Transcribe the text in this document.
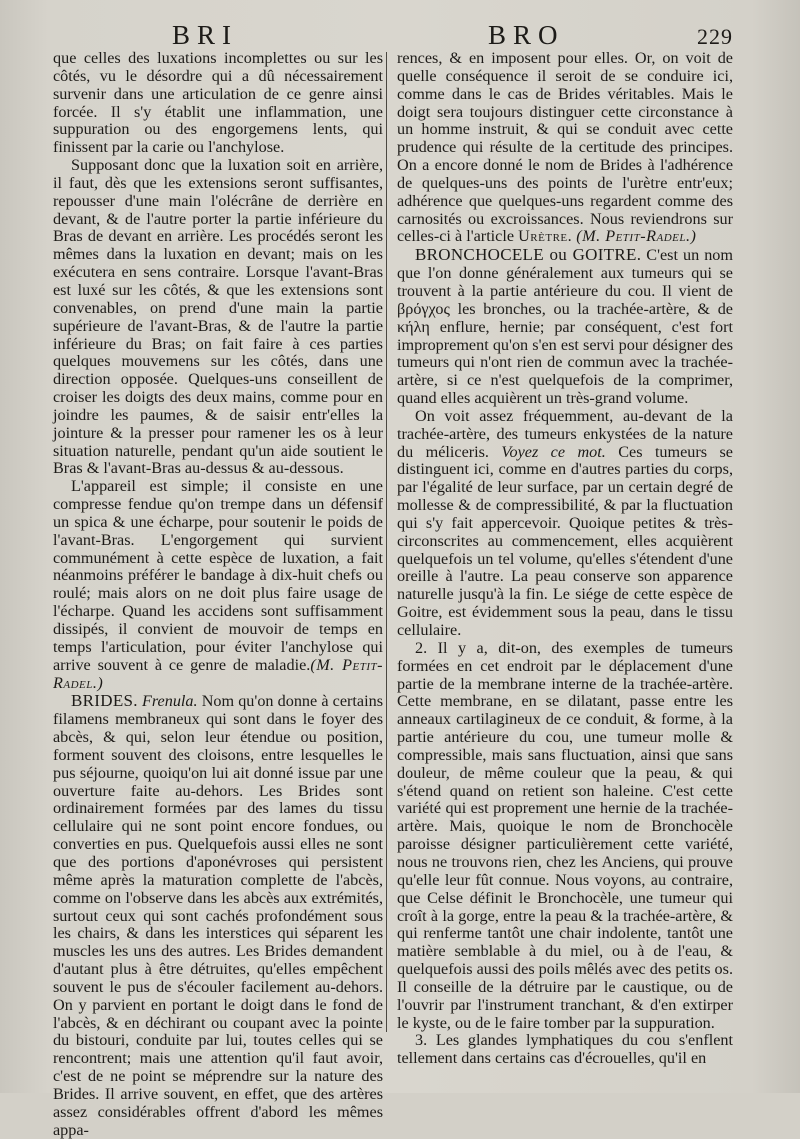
BRI	BRO	229

que celles des luxations incomplettes ou sur les côtés, vu le désordre qui a dû nécessairement survenir dans une articulation de ce genre ainsi forcée. Il s'y établit une inflammation, une suppuration ou des engorgemens lents, qui finissent par la carie ou l'anchylose.

Supposant donc que la luxation soit en arrière, il faut, dès que les extensions seront suffisantes, repousser d'une main l'olécrâne de derrière en devant, & de l'autre porter la partie inférieure du Bras de devant en arrière. Les procédés seront les mêmes dans la luxation en devant; mais on les exécutera en sens contraire. Lorsque l'avant-Bras est luxé sur les côtés, & que les extensions sont convenables, on prend d'une main la partie supérieure de l'avant-Bras, & de l'autre la partie inférieure du Bras; on fait faire à ces parties quelques mouvemens sur les côtés, dans une direction opposée. Quelques-uns conseillent de croiser les doigts des deux mains, comme pour en joindre les paumes, & de saisir entr'elles la jointure & la presser pour ramener les os à leur situation naturelle, pendant qu'un aide soutient le Bras & l'avant-Bras au-dessus & au-dessous.

L'appareil est simple; il consiste en une compresse fendue qu'on trempe dans un défensif un spica & une écharpe, pour soutenir le poids de l'avant-Bras. L'engorgement qui survient communément à cette espèce de luxation, a fait néanmoins préférer le bandage à dix-huit chefs ou roulé; mais alors on ne doit plus faire usage de l'écharpe. Quand les accidens sont suffisamment dissipés, il convient de mouvoir de temps en temps l'articulation, pour éviter l'anchylose qui arrive souvent à ce genre de maladie.(M. Petit-Radel.)

BRIDES. Frenula. Nom qu'on donne à certains filamens membraneux qui sont dans le foyer des abcès, & qui, selon leur étendue ou position, forment souvent des cloisons, entre lesquelles le pus séjourne, quoiqu'on lui ait donné issue par une ouverture faite au-dehors. Les Brides sont ordinairement formées par des lames du tissu cellulaire qui ne sont point encore fondues, ou converties en pus. Quelquefois aussi elles ne sont que des portions d'aponévroses qui persistent même après la maturation complette de l'abcès, comme on l'observe dans les abcès aux extrémités, surtout ceux qui sont cachés profondément sous les chairs, & dans les interstices qui séparent les muscles les uns des autres. Les Brides demandent d'autant plus à être détruites, qu'elles empêchent souvent le pus de s'écouler facilement au-dehors. On y parvient en portant le doigt dans le fond de l'abcès, & en déchirant ou coupant avec la pointe du bistouri, conduite par lui, toutes celles qui se rencontrent; mais une attention qu'il faut avoir, c'est de ne point se méprendre sur la nature des Brides. Il arrive souvent, en effet, que des artères assez considérables offrent d'abord les mêmes appa-

rences, & en imposent pour elles. Or, on voit de quelle conséquence il seroit de se conduire ici, comme dans le cas de Brides véritables. Mais le doigt sera toujours distinguer cette circonstance à un homme instruit, & qui se conduit avec cette prudence qui résulte de la certitude des principes. On a encore donné le nom de Brides à l'adhérence de quelques-uns des points de l'urètre entr'eux; adhérence que quelques-uns regardent comme des carnosités ou excroissances. Nous reviendrons sur celles-ci à l'article Urètre. (M. Petit-Radel.)

BRONCHOCELE ou GOITRE. C'est un nom que l'on donne généralement aux tumeurs qui se trouvent à la partie antérieure du cou. Il vient de βρόγχος les bronches, ou la trachée-artère, & de κήλη enflure, hernie; par conséquent, c'est fort improprement qu'on s'en est servi pour désigner des tumeurs qui n'ont rien de commun avec la trachée-artère, si ce n'est quelquefois de la comprimer, quand elles acquièrent un très-grand volume.

On voit assez fréquemment, au-devant de la trachée-artère, des tumeurs enkystées de la nature du méliceris. Voyez ce mot. Ces tumeurs se distinguent ici, comme en d'autres parties du corps, par l'égalité de leur surface, par un certain degré de mollesse & de compressibilité, & par la fluctuation qui s'y fait appercevoir. Quoique petites & très-circonscrites au commencement, elles acquièrent quelquefois un tel volume, qu'elles s'étendent d'une oreille à l'autre. La peau conserve son apparence naturelle jusqu'à la fin. Le siége de cette espèce de Goitre, est évidemment sous la peau, dans le tissu cellulaire.

2. Il y a, dit-on, des exemples de tumeurs formées en cet endroit par le déplacement d'une partie de la membrane interne de la trachée-artère. Cette membrane, en se dilatant, passe entre les anneaux cartilagineux de ce conduit, & forme, à la partie antérieure du cou, une tumeur molle & compressible, mais sans fluctuation, ainsi que sans douleur, de même couleur que la peau, & qui s'étend quand on retient son haleine. C'est cette variété qui est proprement une hernie de la trachée-artère. Mais, quoique le nom de Bronchocèle paroisse désigner particulièrement cette variété, nous ne trouvons rien, chez les Anciens, qui prouve qu'elle leur fût connue. Nous voyons, au contraire, que Celse définit le Bronchocèle, une tumeur qui croît à la gorge, entre la peau & la trachée-artère, & qui renferme tantôt une chair indolente, tantôt une matière semblable à du miel, ou à de l'eau, & quelquefois aussi des poils mêlés avec des petits os. Il conseille de la détruire par le caustique, ou de l'ouvrir par l'instrument tranchant, & d'en extirper le kyste, ou de le faire tomber par la suppuration.

3. Les glandes lymphatiques du cou s'enflent tellement dans certains cas d'écrouelles, qu'il en
